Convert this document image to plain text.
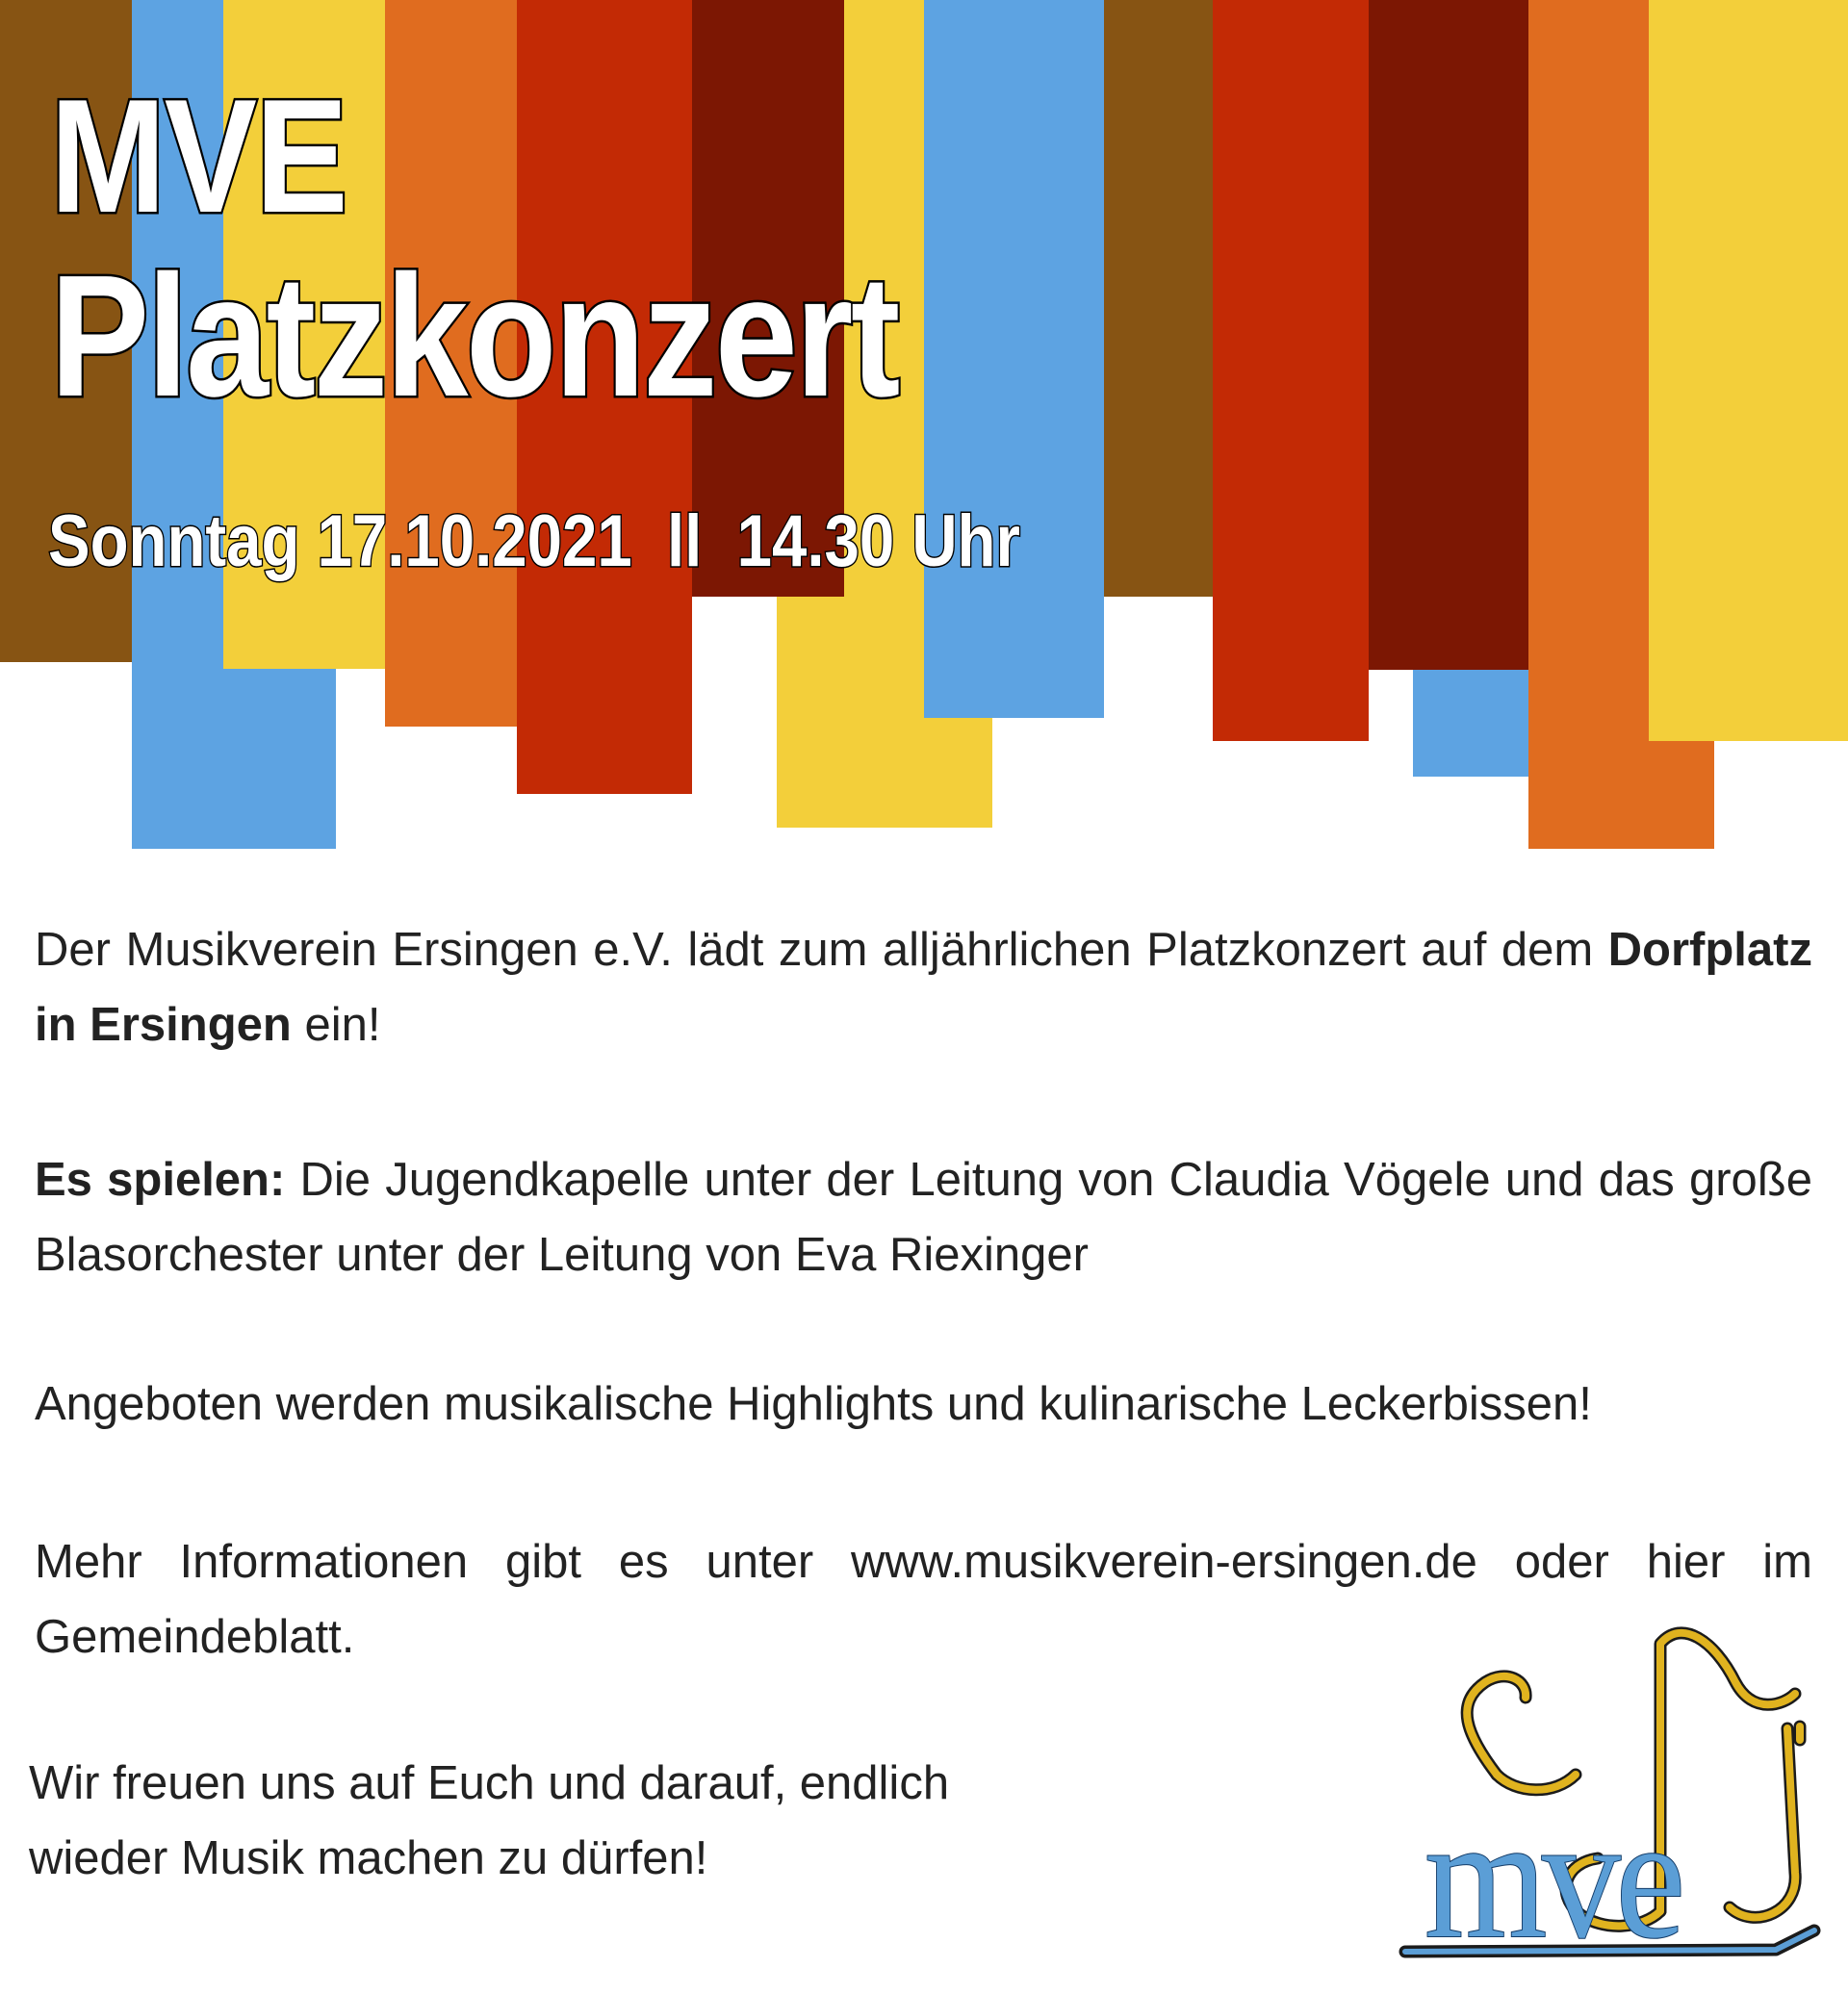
MVE
Platzkonzert
Sonntag 17.10.2021  ll  14.30 Uhr

Der Musikverein Ersingen e.V. lädt zum alljährlichen Platzkonzert auf dem Dorfplatz in Ersingen ein!

Es spielen: Die Jugendkapelle unter der Leitung von Claudia Vögele und das große Blasorchester unter der Leitung von Eva Riexinger

Angeboten werden musikalische Highlights und kulinarische Leckerbissen!

Mehr Informationen gibt es unter www.musikverein-ersingen.de oder hier im Gemeindeblatt.

Wir freuen uns auf Euch und darauf, endlich
wieder Musik machen zu dürfen!	mve
